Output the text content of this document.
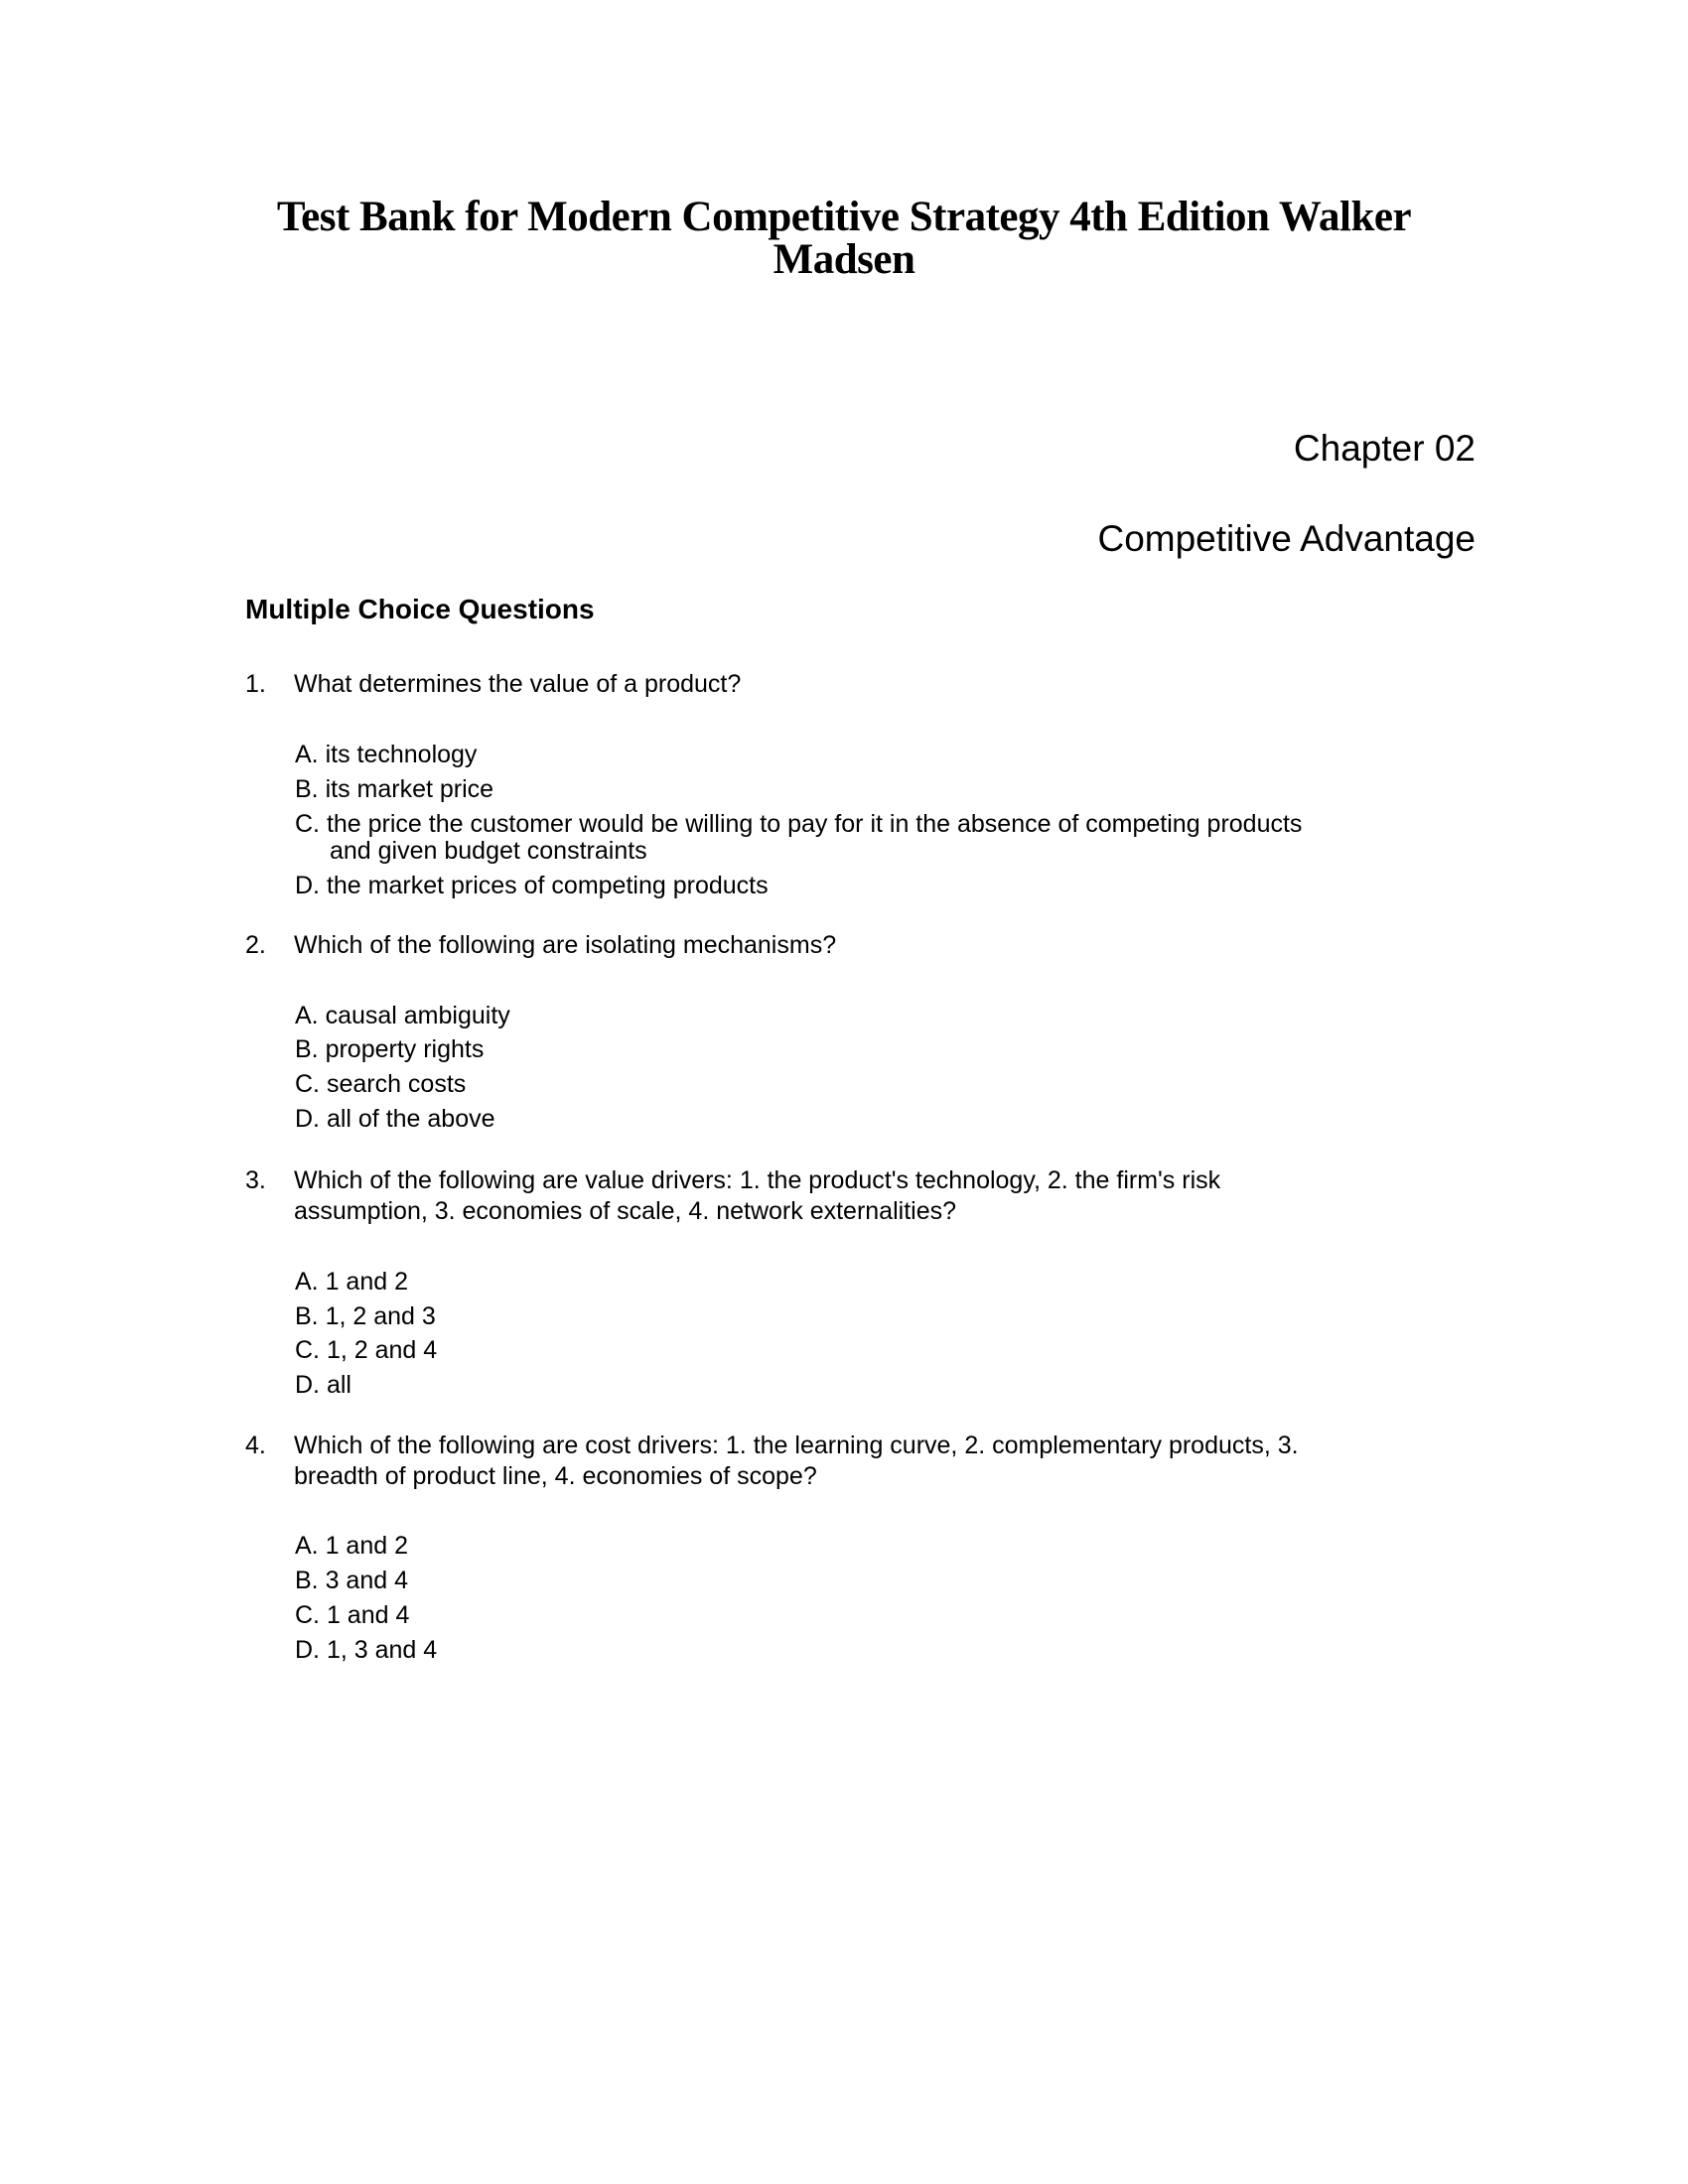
Test Bank for Modern Competitive Strategy 4th Edition Walker
Madsen
Chapter 02
Competitive Advantage
Multiple Choice Questions
1. What determines the value of a product?
A. its technology
B. its market price
C. the price the customer would be willing to pay for it in the absence of competing products
and given budget constraints
D. the market prices of competing products
2. Which of the following are isolating mechanisms?
A. causal ambiguity
B. property rights
C. search costs
D. all of the above
3. Which of the following are value drivers: 1. the product's technology, 2. the firm's risk
assumption, 3. economies of scale, 4. network externalities?
A. 1 and 2
B. 1, 2 and 3
C. 1, 2 and 4
D. all
4. Which of the following are cost drivers: 1. the learning curve, 2. complementary products, 3.
breadth of product line, 4. economies of scope?
A. 1 and 2
B. 3 and 4
C. 1 and 4
D. 1, 3 and 4
